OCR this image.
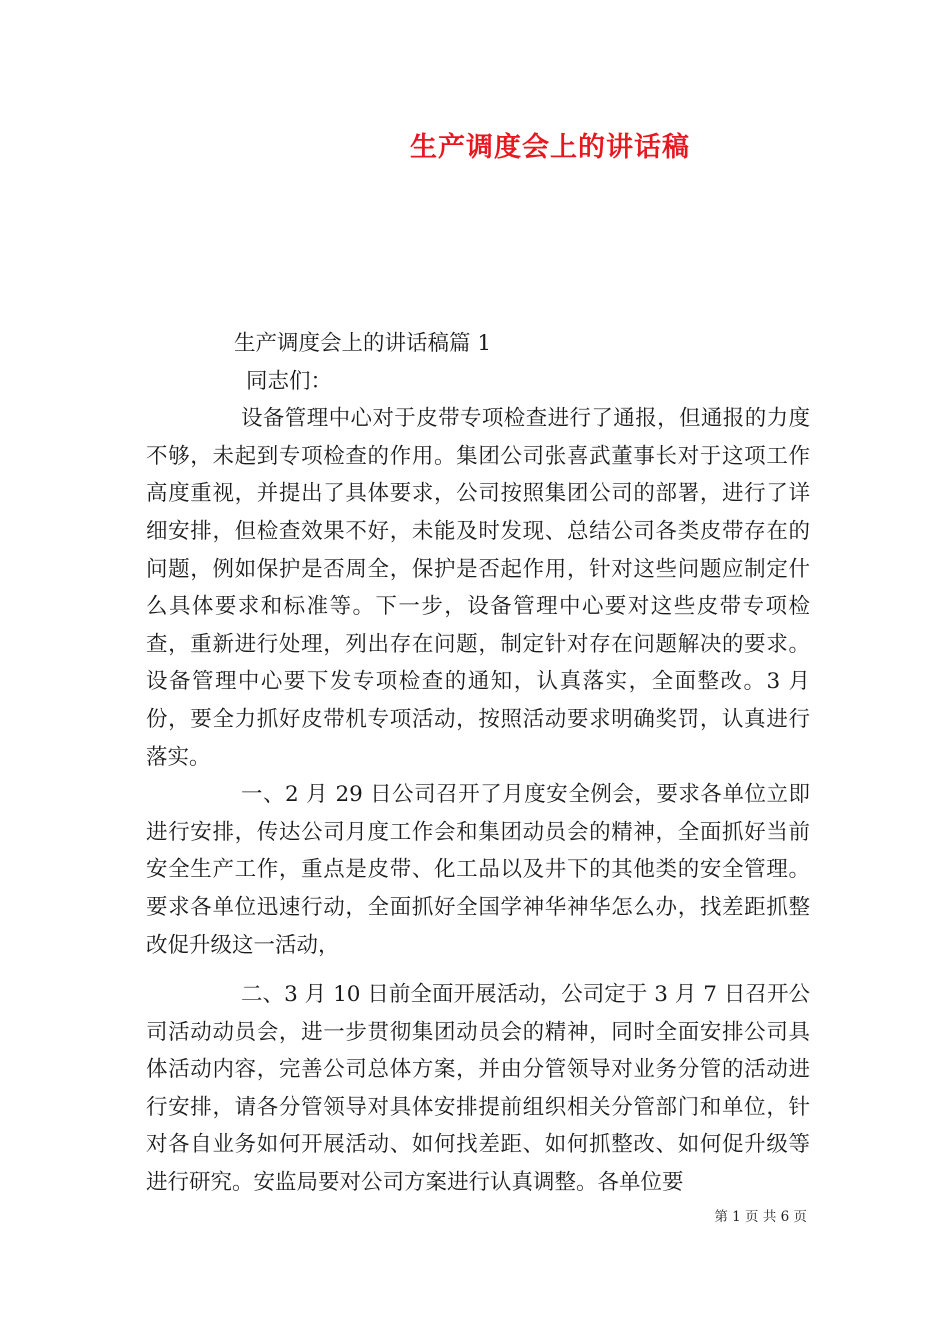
生产调度会上的讲话稿

生产调度会上的讲话稿篇 1

同志们：

设备管理中心对于皮带专项检查进行了通报，但通报的力度不够，未起到专项检查的作用。集团公司张喜武董事长对于这项工作高度重视，并提出了具体要求，公司按照集团公司的部署，进行了详细安排，但检查效果不好，未能及时发现、总结公司各类皮带存在的问题，例如保护是否周全，保护是否起作用，针对这些问题应制定什么具体要求和标准等。下一步，设备管理中心要对这些皮带专项检查，重新进行处理，列出存在问题，制定针对存在问题解决的要求。设备管理中心要下发专项检查的通知，认真落实，全面整改。3 月份，要全力抓好皮带机专项活动，按照活动要求明确奖罚，认真进行落实。

一、2 月 29 日公司召开了月度安全例会，要求各单位立即进行安排，传达公司月度工作会和集团动员会的精神，全面抓好当前安全生产工作，重点是皮带、化工品以及井下的其他类的安全管理。要求各单位迅速行动，全面抓好全国学神华神华怎么办，找差距抓整改促升级这一活动，

二、3 月 10 日前全面开展活动，公司定于 3 月 7 日召开公司活动动员会，进一步贯彻集团动员会的精神，同时全面安排公司具体活动内容，完善公司总体方案，并由分管领导对业务分管的活动进行安排，请各分管领导对具体安排提前组织相关分管部门和单位，针对各自业务如何开展活动、如何找差距、如何抓整改、如何促升级等进行研究。安监局要对公司方案进行认真调整。各单位要

第 1 页 共 6 页
